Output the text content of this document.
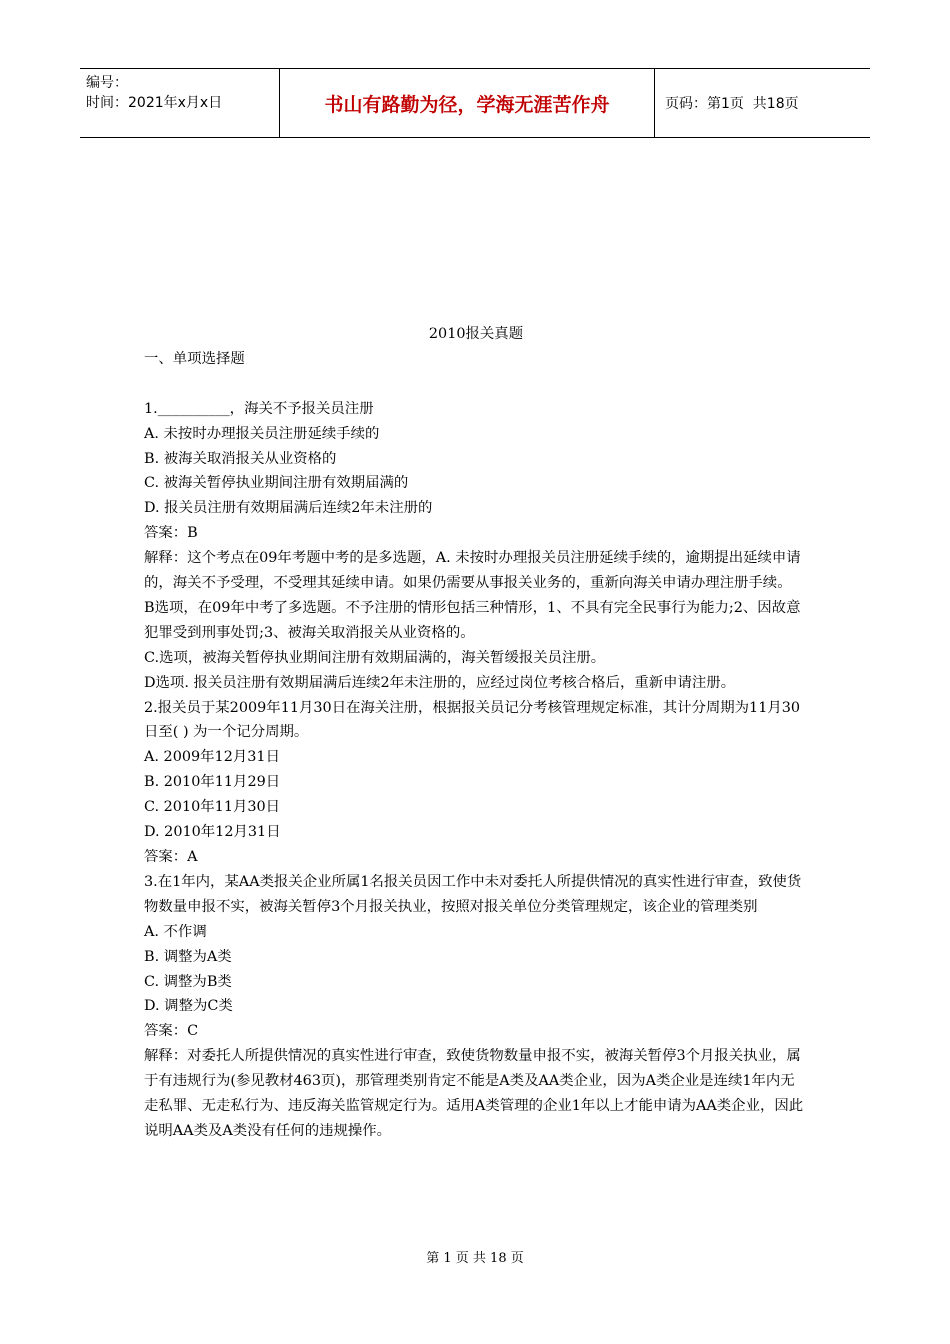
编号：
时间：2021年x月x日	书山有路勤为径，学海无涯苦作舟	页码：第1页  共18页
2010报关真题
一、单项选择题
1.__________，海关不予报关员注册
A. 未按时办理报关员注册延续手续的
B. 被海关取消报关从业资格的
C. 被海关暂停执业期间注册有效期届满的
D. 报关员注册有效期届满后连续2年未注册的
答案：B
解释：这个考点在09年考题中考的是多选题，A. 未按时办理报关员注册延续手续的，逾期提出延续申请的，海关不予受理，不受理其延续申请。如果仍需要从事报关业务的，重新向海关申请办理注册手续。
B选项，在09年中考了多选题。不予注册的情形包括三种情形，1、不具有完全民事行为能力;2、因故意犯罪受到刑事处罚;3、被海关取消报关从业资格的。
C.选项，被海关暂停执业期间注册有效期届满的，海关暂缓报关员注册。
D选项. 报关员注册有效期届满后连续2年未注册的，应经过岗位考核合格后，重新申请注册。
2.报关员于某2009年11月30日在海关注册，根据报关员记分考核管理规定标准，其计分周期为11月30日至( ) 为一个记分周期。
A. 2009年12月31日
B. 2010年11月29日
C. 2010年11月30日
D. 2010年12月31日
答案：A
3.在1年内，某AA类报关企业所属1名报关员因工作中未对委托人所提供情况的真实性进行审查，致使货物数量申报不实，被海关暂停3个月报关执业，按照对报关单位分类管理规定，该企业的管理类别
A. 不作调
B. 调整为A类
C. 调整为B类
D. 调整为C类
答案：C
解释：对委托人所提供情况的真实性进行审查，致使货物数量申报不实，被海关暂停3个月报关执业，属于有违规行为(参见教材463页)，那管理类别肯定不能是A类及AA类企业，因为A类企业是连续1年内无走私罪、无走私行为、违反海关监管规定行为。适用A类管理的企业1年以上才能申请为AA类企业，因此说明AA类及A类没有任何的违规操作。
第 1 页 共 18 页
